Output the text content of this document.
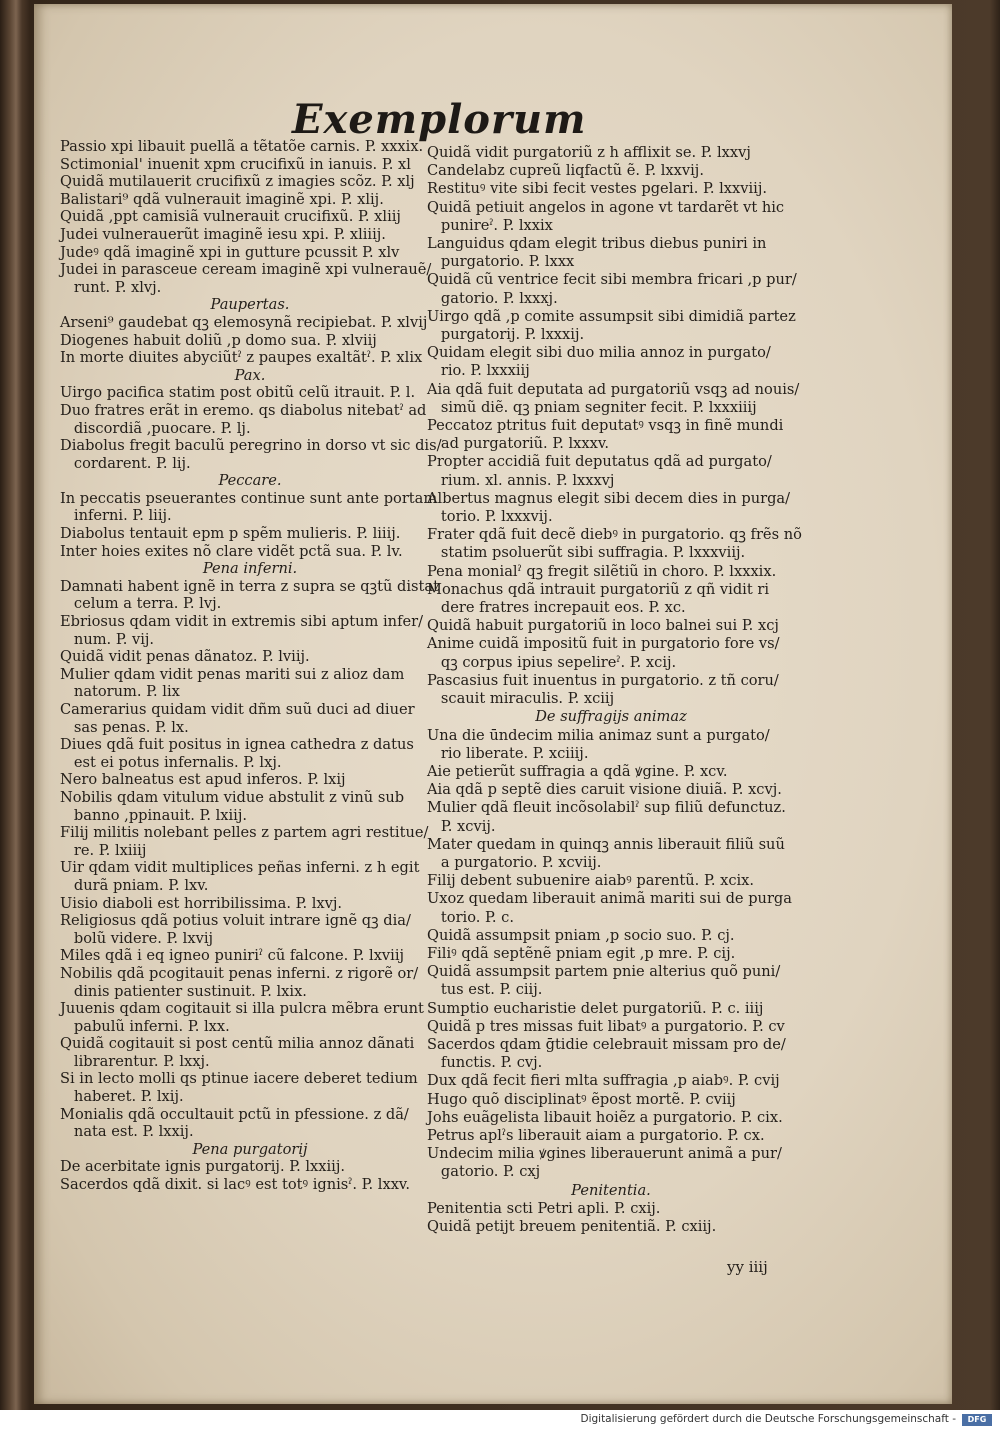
Exemplorum

Passio xpi libauit puellã a tẽtatõe carnis. P. xxxix.

Sctimonial' inuenit xpm crucifixũ in ianuis. P. xl

Quidã mutilauerit crucifixũ z imagies scõz. P. xlj

Balistari⁹ qdã vulnerauit imaginẽ xpi. P. xlij.

Quidã ,ppt camisiã vulnerauit crucifixũ. P. xliij

Judei vulnerauerũt imaginẽ iesu xpi. P. xliiij.

Judeꝰ qdã imaginẽ xpi in gutture pcussit P. xlv

Judei in parasceue ceream imaginẽ xpi vulnerauẽ/

runt. P. xlvj.

Paupertas.

Arseni⁹ gaudebat qꝫ elemosynã recipiebat. P. xlvij

Diogenes habuit doliũ ,p domo sua. P. xlviij

In morte diuites abyciũtˀ z paupes exaltãtˀ. P. xlix

Pax.

Uirgo pacifica statim post obitũ celũ itrauit. P. l.

Duo fratres erãt in eremo. qs diabolus nitebatˀ ad

discordiã ,puocare. P. lj.

Diabolus fregit baculũ peregrino in dorso vt sic dis/

cordarent. P. lij.

Peccare.

In peccatis pseuerantes continue sunt ante portam

inferni. P. liij.

Diabolus tentauit epm p spẽm mulieris. P. liiij.

Inter hoies exites nõ clare vidẽt pctã sua. P. lv.

Pena inferni.

Damnati habent ignẽ in terra z supra se qꝫtũ distat

celum a terra. P. lvj.

Ebriosus qdam vidit in extremis sibi aptum infer/

num. P. vij.

Quidã vidit penas dãnatoz. P. lviij.

Mulier qdam vidit penas mariti sui z alioz dam

natorum. P. lix

Camerarius quidam vidit dñm suũ duci ad diuer

sas penas. P. lx.

Diues qdã fuit positus in ignea cathedra z datus

est ei potus infernalis. P. lxj.

Nero balneatus est apud inferos. P. lxij

Nobilis qdam vitulum vidue abstulit z vinũ sub

banno ,ppinauit. P. lxiij.

Filij militis nolebant pelles z partem agri restitue/

re. P. lxiiij

Uir qdam vidit multiplices peñas inferni. z h egit

durã pniam. P. lxv.

Uisio diaboli est horribilissima. P. lxvj.

Religiosus qdã potius voluit intrare ignẽ qꝫ dia/

bolũ videre. P. lxvij

Miles qdã i eq igneo puniriˀ cũ falcone. P. lxviij

Nobilis qdã pcogitauit penas inferni. z rigorẽ or/

dinis patienter sustinuit. P. lxix.

Juuenis qdam cogitauit si illa pulcra mẽbra erunt

pabulũ inferni. P. lxx.

Quidã cogitauit si post centũ milia annoz dãnati

librarentur. P. lxxj.

Si in lecto molli qs ptinue iacere deberet tedium

haberet. P. lxij.

Monialis qdã occultauit pctũ in pfessione. z dã/

nata est. P. lxxij.

Pena purgatorij

De acerbitate ignis purgatorij. P. lxxiij.

Sacerdos qdã dixit. si lacꝰ est totꝰ ignisˀ. P. lxxv.

Quidã vidit purgatoriũ z h afflixit se. P. lxxvj

Candelabz cupreũ liqfactũ ẽ. P. lxxvij.

Restituꝰ vite sibi fecit vestes pgelari. P. lxxviij.

Quidã petiuit angelos in agone vt tardarẽt vt hic

punireˀ. P. lxxix

Languidus qdam elegit tribus diebus puniri in

purgatorio. P. lxxx

Quidã cũ ventrice fecit sibi membra fricari ,p pur/

gatorio. P. lxxxj.

Uirgo qdã ,p comite assumpsit sibi dimidiã partez

purgatorij. P. lxxxij.

Quidam elegit sibi duo milia annoz in purgato/

rio. P. lxxxiij

Aia qdã fuit deputata ad purgatoriũ vsqꝫ ad nouis/

simũ diẽ. qꝫ pniam segniter fecit. P. lxxxiiij

Peccatoz ptritus fuit deputatꝰ vsqꝫ in finẽ mundi

ad purgatoriũ. P. lxxxv.

Propter accidiã fuit deputatus qdã ad purgato/

rium. xl. annis. P. lxxxvj

Albertus magnus elegit sibi decem dies in purga/

torio. P. lxxxvij.

Frater qdã fuit decẽ diebꝰ in purgatorio. qꝫ frẽs nõ

statim psoluerũt sibi suffragia. P. lxxxviij.

Pena monialˀ qꝫ fregit silẽtiũ in choro. P. lxxxix.

Monachus qdã intrauit purgatoriũ z qñ vidit ri

dere fratres increpauit eos. P. xc.

Quidã habuit purgatoriũ in loco balnei sui P. xcj

Anime cuidã impositũ fuit in purgatorio fore vs/

qꝫ corpus ipius sepelireˀ. P. xcij.

Pascasius fuit inuentus in purgatorio. z tñ coru/

scauit miraculis. P. xciij

De suffragijs animaz

Una die ūndecim milia animaz sunt a purgato/

rio liberate. P. xciiij.

Aie petierũt suffragia a qdã ꝟgine. P. xcv.

Aia qdã p septẽ dies caruit visione diuiã. P. xcvj.

Mulier qdã fleuit incõsolabilˀ sup filiũ defunctuz.

P. xcvij.

Mater quedam in quinqꝫ annis liberauit filiũ suũ

a purgatorio. P. xcviij.

Filij debent subuenire aiabꝰ parentũ. P. xcix.

Uxoz quedam liberauit animã mariti sui de purga

torio. P. c.

Quidã assumpsit pniam ,p socio suo. P. cj.

Filiꝰ qdã septẽnẽ pniam egit ,p mre. P. cij.

Quidã assumpsit partem pnie alterius quõ puni/

tus est. P. ciij.

Sumptio eucharistie delet purgatoriũ. P. c. iiij

Quidã p tres missas fuit libatꝰ a purgatorio. P. cv

Sacerdos qdam ḡtidie celebrauit missam pro de/

functis. P. cvj.

Dux qdã fecit fieri mlta suffragia ,p aiabꝰ. P. cvij

Hugo quõ disciplinatꝰ ẽpost mortẽ. P. cviij

Johs euãgelista libauit hoiẽz a purgatorio. P. cix.

Petrus aplˀs liberauit aiam a purgatorio. P. cx.

Undecim milia ꝟgines liberauerunt animã a pur/

gatorio. P. cxj

Penitentia.

Penitentia scti Petri apli. P. cxij.

Quidã petijt breuem penitentiã. P. cxiij.

yy iiij
Digitalisierung gefördert durch die Deutsche Forschungsgemeinschaft -	DFG
